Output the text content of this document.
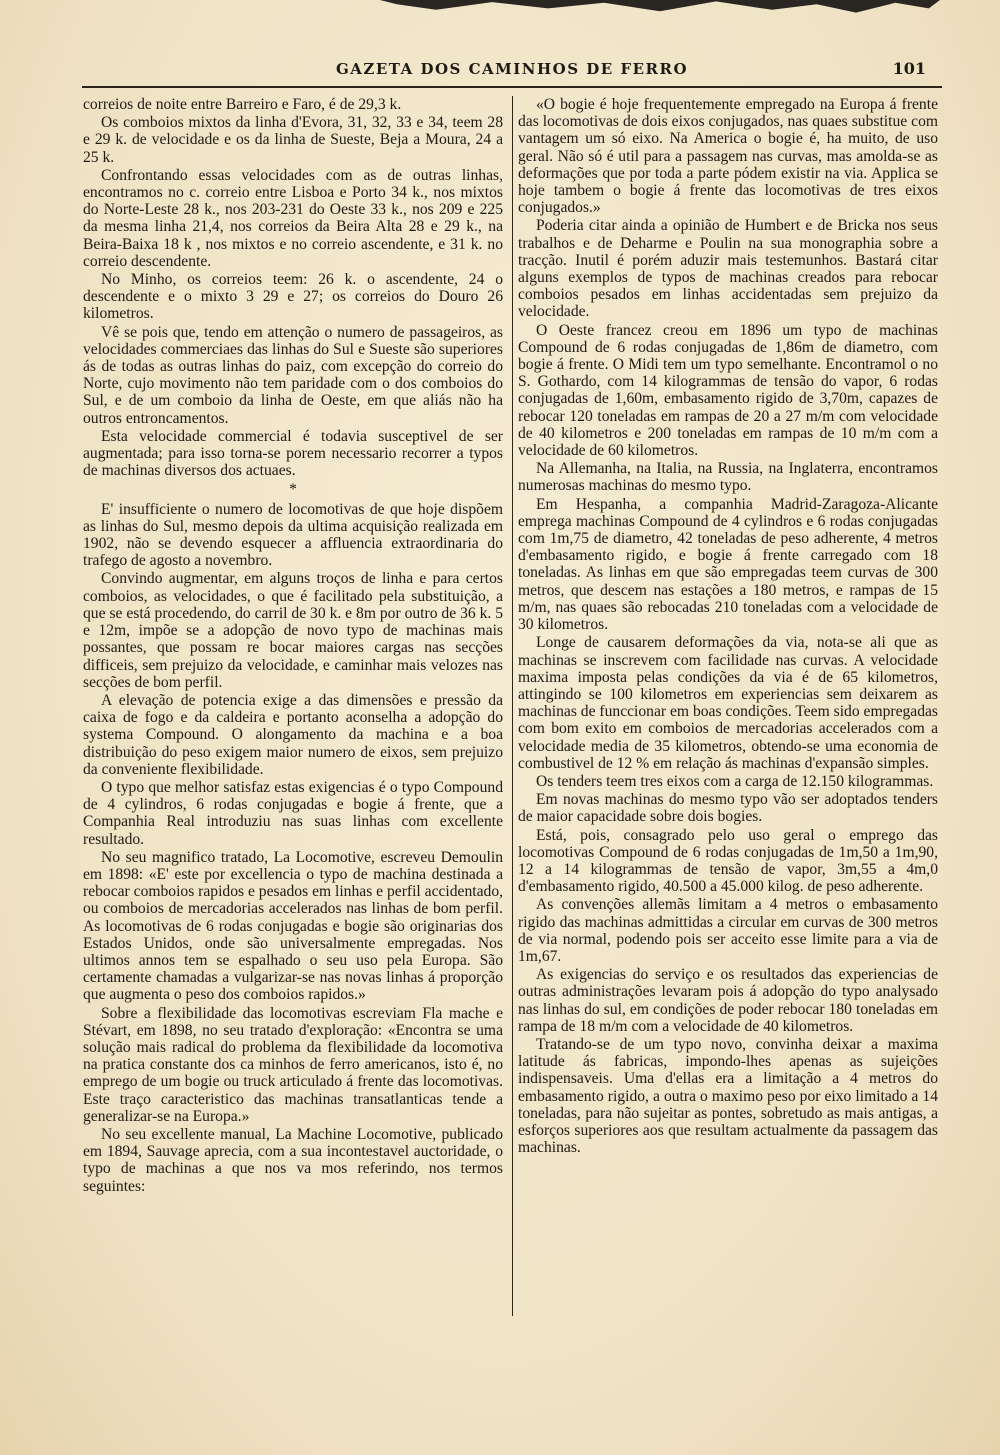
GAZETA DOS CAMINHOS DE FERRO	101

correios de noite entre Barreiro e Faro, é de 29,3 k.

Os comboios mixtos da linha d'Evora, 31, 32, 33 e 34, teem 28 e 29 k. de velocidade e os da linha de Sueste, Beja a Moura, 24 a 25 k.

Confrontando essas velocidades com as de outras linhas, encontramos no c. correio entre Lisboa e Porto 34 k., nos mixtos do Norte-Leste 28 k., nos 203-231 do Oeste 33 k., nos 209 e 225 da mesma linha 21,4, nos correios da Beira Alta 28 e 29 k., na Beira-Baixa 18 k , nos mixtos e no correio ascendente, e 31 k. no correio descendente.

No Minho, os correios teem: 26 k. o ascendente, 24 o descendente e o mixto 3 29 e 27; os correios do Douro 26 kilometros.

Vê se pois que, tendo em attenção o numero de passageiros, as velocidades commerciaes das linhas do Sul e Sueste são superiores ás de todas as outras linhas do paiz, com excepção do correio do Norte, cujo movimento não tem paridade com o dos comboios do Sul, e de um comboio da linha de Oeste, em que aliás não ha outros entroncamentos.

Esta velocidade commercial é todavia susceptivel de ser augmentada; para isso torna-se porem necessario recorrer a typos de machinas diversos dos actuaes.

*

E' insufficiente o numero de locomotivas de que hoje dispõem as linhas do Sul, mesmo depois da ultima acquisição realizada em 1902, não se devendo esquecer a affluencia extraordinaria do trafego de agosto a novembro.

Convindo augmentar, em alguns troços de linha e para certos comboios, as velocidades, o que é facilitado pela substituição, a que se está procedendo, do carril de 30 k. e 8m por outro de 36 k. 5 e 12m, impõe se a adopção de novo typo de machinas mais possantes, que possam re bocar maiores cargas nas secções difficeis, sem prejuizo da velocidade, e caminhar mais velozes nas secções de bom perfil.

A elevação de potencia exige a das dimensões e pressão da caixa de fogo e da caldeira e portanto aconselha a adopção do systema Compound. O alongamento da machina e a boa distribuição do peso exigem maior numero de eixos, sem prejuizo da conveniente flexibilidade.

O typo que melhor satisfaz estas exigencias é o typo Compound de 4 cylindros, 6 rodas conjugadas e bogie á frente, que a Companhia Real introduziu nas suas linhas com excellente resultado.

No seu magnifico tratado, La Locomotive, escreveu Demoulin em 1898: «E' este por excellencia o typo de machina destinada a rebocar comboios rapidos e pesados em linhas e perfil accidentado, ou comboios de mercadorias accelerados nas linhas de bom perfil. As locomotivas de 6 rodas conjugadas e bogie são originarias dos Estados Unidos, onde são universalmente empregadas. Nos ultimos annos tem se espalhado o seu uso pela Europa. São certamente chamadas a vulgarizar-se nas novas linhas á proporção que augmenta o peso dos comboios rapidos.»

Sobre a flexibilidade das locomotivas escreviam Fla mache e Stévart, em 1898, no seu tratado d'exploração: «Encontra se uma solução mais radical do problema da flexibilidade da locomotiva na pratica constante dos ca minhos de ferro americanos, isto é, no emprego de um bogie ou truck articulado á frente das locomotivas. Este traço caracteristico das machinas transatlanticas tende a generalizar-se na Europa.»

No seu excellente manual, La Machine Locomotive, publicado em 1894, Sauvage aprecia, com a sua incontestavel auctoridade, o typo de machinas a que nos va mos referindo, nos termos seguintes:

«O bogie é hoje frequentemente empregado na Europa á frente das locomotivas de dois eixos conjugados, nas quaes substitue com vantagem um só eixo. Na America o bogie é, ha muito, de uso geral. Não só é util para a passagem nas curvas, mas amolda-se as deformações que por toda a parte pódem existir na via. Applica se hoje tambem o bogie á frente das locomotivas de tres eixos conjugados.»

Poderia citar ainda a opinião de Humbert e de Bricka nos seus trabalhos e de Deharme e Poulin na sua monographia sobre a tracção. Inutil é porém aduzir mais testemunhos. Bastará citar alguns exemplos de typos de machinas creados para rebocar comboios pesados em linhas accidentadas sem prejuizo da velocidade.

O Oeste francez creou em 1896 um typo de machinas Compound de 6 rodas conjugadas de 1,86m de diametro, com bogie á frente. O Midi tem um typo semelhante. Encontramol o no S. Gothardo, com 14 kilogrammas de tensão do vapor, 6 rodas conjugadas de 1,60m, embasamento rigido de 3,70m, capazes de rebocar 120 toneladas em rampas de 20 a 27 m/m com velocidade de 40 kilometros e 200 toneladas em rampas de 10 m/m com a velocidade de 60 kilometros.

Na Allemanha, na Italia, na Russia, na Inglaterra, encontramos numerosas machinas do mesmo typo.

Em Hespanha, a companhia Madrid-Zaragoza-Alicante emprega machinas Compound de 4 cylindros e 6 rodas conjugadas com 1m,75 de diametro, 42 toneladas de peso adherente, 4 metros d'embasamento rigido, e bogie á frente carregado com 18 toneladas. As linhas em que são empregadas teem curvas de 300 metros, que descem nas estações a 180 metros, e rampas de 15 m/m, nas quaes são rebocadas 210 toneladas com a velocidade de 30 kilometros.

Longe de causarem deformações da via, nota-se ali que as machinas se inscrevem com facilidade nas curvas. A velocidade maxima imposta pelas condições da via é de 65 kilometros, attingindo se 100 kilometros em experiencias sem deixarem as machinas de funccionar em boas condições. Teem sido empregadas com bom exito em comboios de mercadorias accelerados com a velocidade media de 35 kilometros, obtendo-se uma economia de combustivel de 12 % em relação ás machinas d'expansão simples.

Os tenders teem tres eixos com a carga de 12.150 kilogrammas.

Em novas machinas do mesmo typo vão ser adoptados tenders de maior capacidade sobre dois bogies.

Está, pois, consagrado pelo uso geral o emprego das locomotivas Compound de 6 rodas conjugadas de 1m,50 a 1m,90, 12 a 14 kilogrammas de tensão de vapor, 3m,55 a 4m,0 d'embasamento rigido, 40.500 a 45.000 kilog. de peso adherente.

As convenções allemãs limitam a 4 metros o embasamento rigido das machinas admittidas a circular em curvas de 300 metros de via normal, podendo pois ser acceito esse limite para a via de 1m,67.

As exigencias do serviço e os resultados das experiencias de outras administrações levaram pois á adopção do typo analysado nas linhas do sul, em condições de poder rebocar 180 toneladas em rampa de 18 m/m com a velocidade de 40 kilometros.

Tratando-se de um typo novo, convinha deixar a maxima latitude ás fabricas, impondo-lhes apenas as sujeições indispensaveis. Uma d'ellas era a limitação a 4 metros do embasamento rigido, a outra o maximo peso por eixo limitado a 14 toneladas, para não sujeitar as pontes, sobretudo as mais antigas, a esforços superiores aos que resultam actualmente da passagem das machinas.
